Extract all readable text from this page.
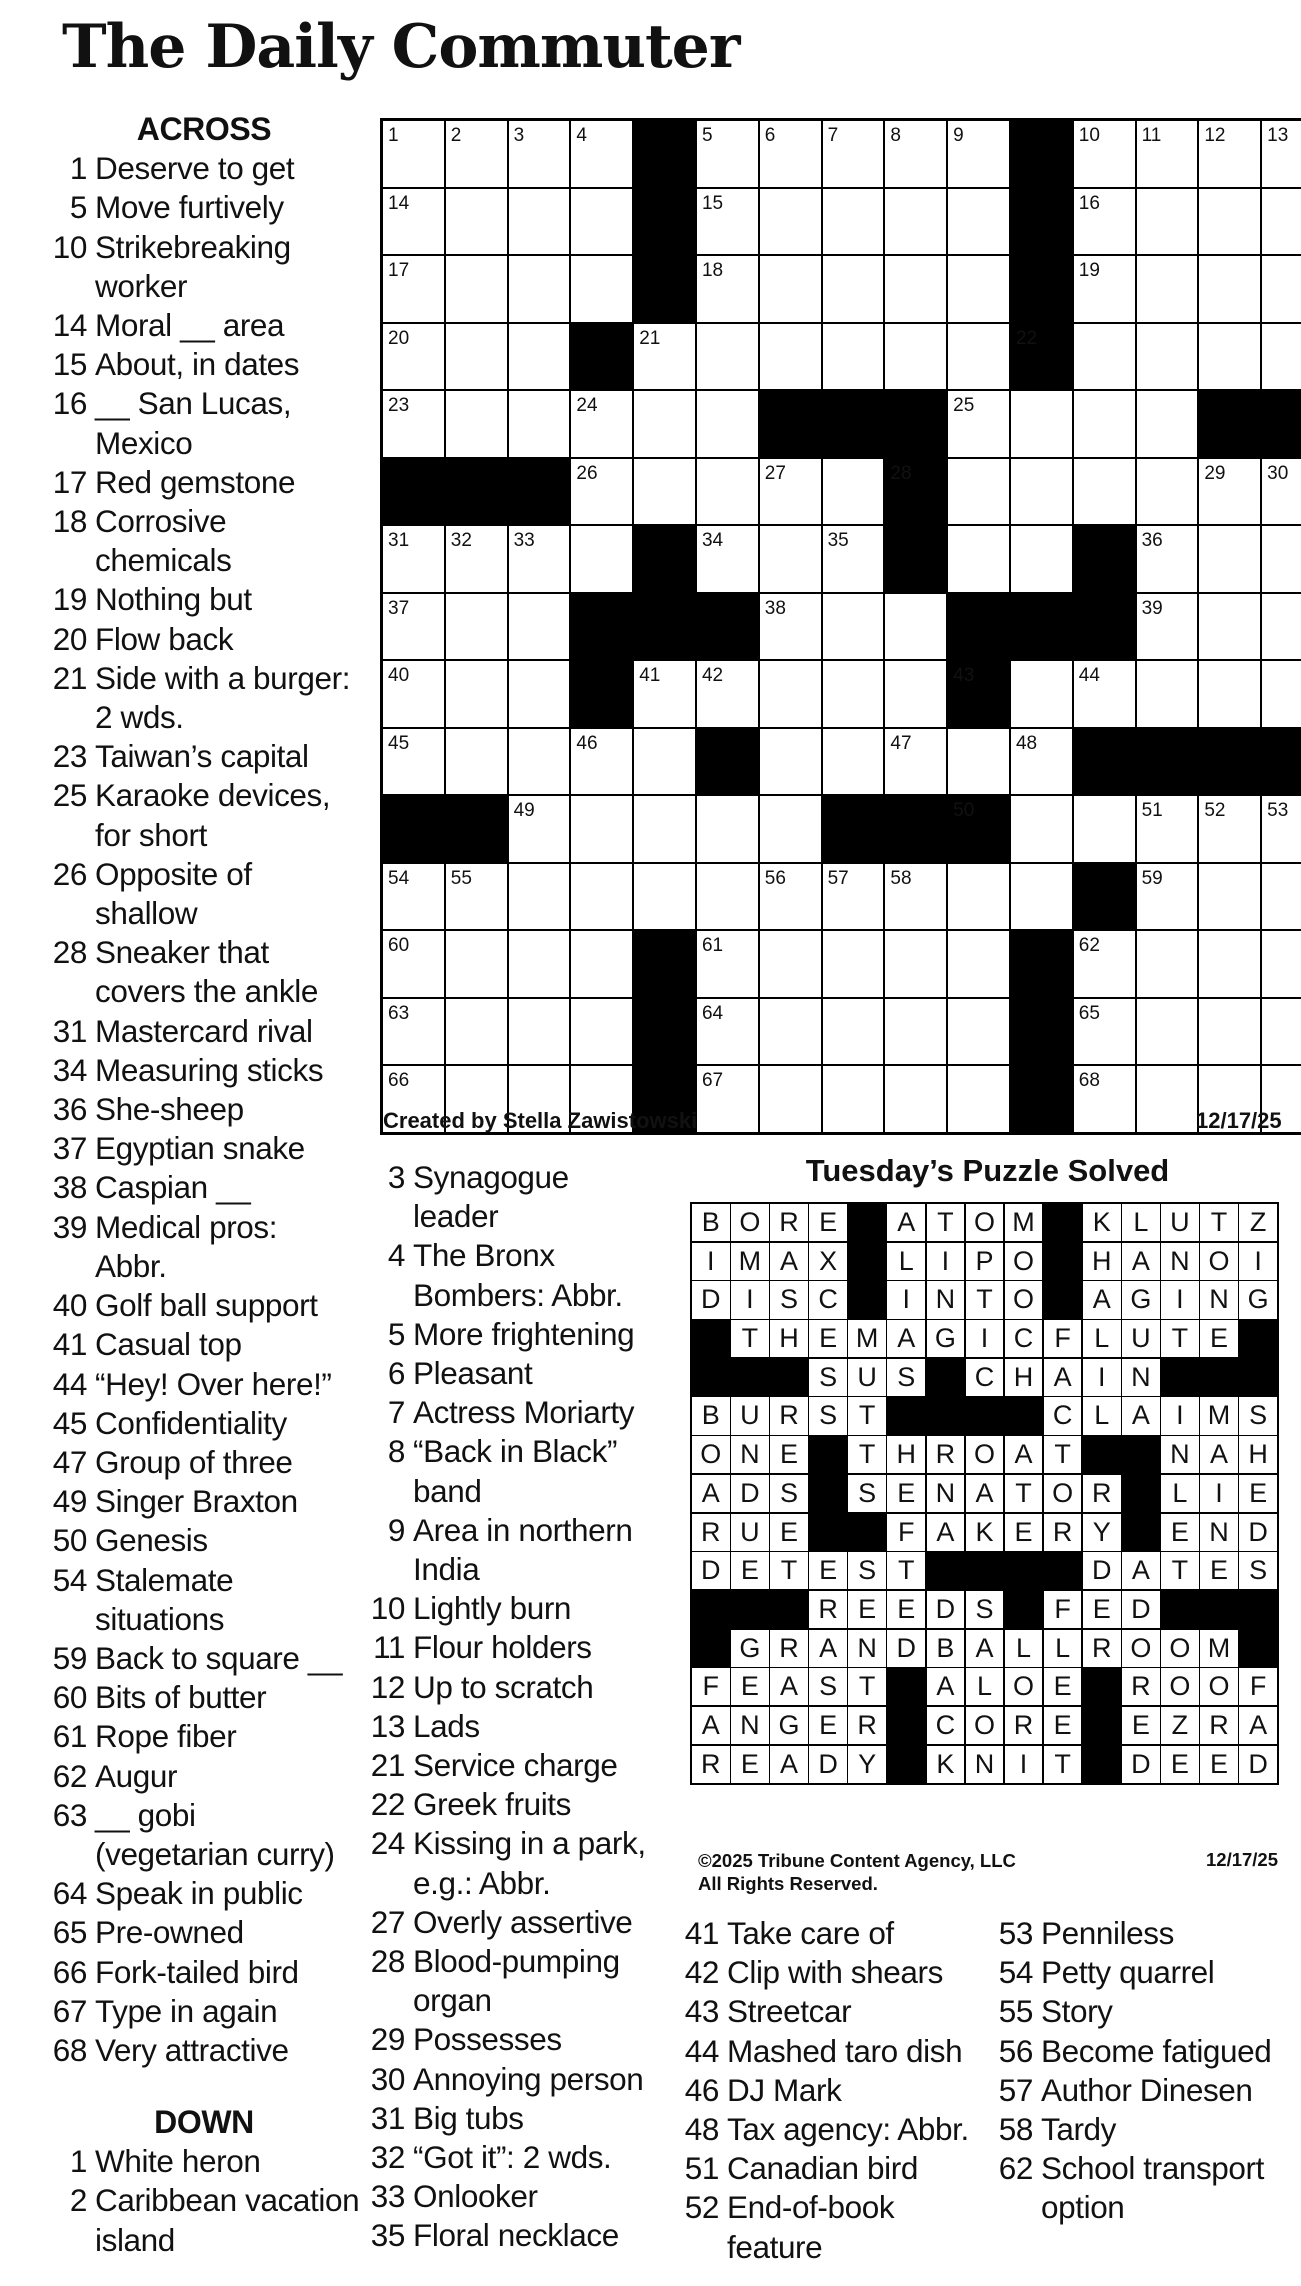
The Daily Commuter
ACROSS
1 Deserve to get
5 Move furtively
10 Strikebreaking worker
14 Moral __ area
15 About, in dates
16 __ San Lucas, Mexico
17 Red gemstone
18 Corrosive chemicals
19 Nothing but
20 Flow back
21 Side with a burger: 2 wds.
23 Taiwan’s capital
25 Karaoke devices, for short
26 Opposite of shallow
28 Sneaker that covers the ankle
31 Mastercard rival
34 Measuring sticks
36 She-sheep
37 Egyptian snake
38 Caspian __
39 Medical pros: Abbr.
40 Golf ball support
41 Casual top
44 “Hey! Over here!”
45 Confidentiality
47 Group of three
49 Singer Braxton
50 Genesis
54 Stalemate situations
59 Back to square __
60 Bits of butter
61 Rope fiber
62 Augur
63 __ gobi (vegetarian curry)
64 Speak in public
65 Pre-owned
66 Fork-tailed bird
67 Type in again
68 Very attractive
DOWN
1 White heron
2 Caribbean vacation island
3 Synagogue leader
4 The Bronx Bombers: Abbr.
5 More frightening
6 Pleasant
7 Actress Moriarty
8 “Back in Black” band
9 Area in northern India
10 Lightly burn
11 Flour holders
12 Up to scratch
13 Lads
21 Service charge
22 Greek fruits
24 Kissing in a park, e.g.: Abbr.
27 Overly assertive
28 Blood-pumping organ
29 Possesses
30 Annoying person
31 Big tubs
32 “Got it”: 2 wds.
33 Onlooker
35 Floral necklace
41 Take care of
42 Clip with shears
43 Streetcar
44 Mashed taro dish
46 DJ Mark
48 Tax agency: Abbr.
51 Canadian bird
52 End-of-book feature
53 Penniless
54 Petty quarrel
55 Story
56 Become fatigued
57 Author Dinesen
58 Tardy
62 School transport option
1	2	3	4	5	6	7	8	9	10 11 12 13
14	15	16
17	18	19
20	21	22
23	24	25
26	27	28	29 30
31 32 33	34	35	36
37	38	39
40	41 42	43	44
45	46	47	48
49	50	51 52 53
54 55	56 57 58	59
60	61	62
63	64	65
66	67	68
Created by Stella Zawistowski	12/17/25
Tuesday’s Puzzle Solved
B O R E	A T O M	K L U T Z
I M A X	L	I P O	H A N O I
D I S C	I N T O	A G I N G
T H E M A G I C F L U T E
S U S	C H A I N
B U R S T	C L A I M S
O N E	T H R O A T	N A H
A D S	S E N A T O R	L	I E
R U E	F A K E R Y	E N D
D E T E S T	D A T E S
R E E D S	F E D
G R A N D B A L L R O O M
F E A S T	A L O E	R O O F
A N G E R	C O R E	E Z R A
R E A D Y	K N I	T	D E E D
©2025 Tribune Content Agency, LLC
All Rights Reserved.
12/17/25
